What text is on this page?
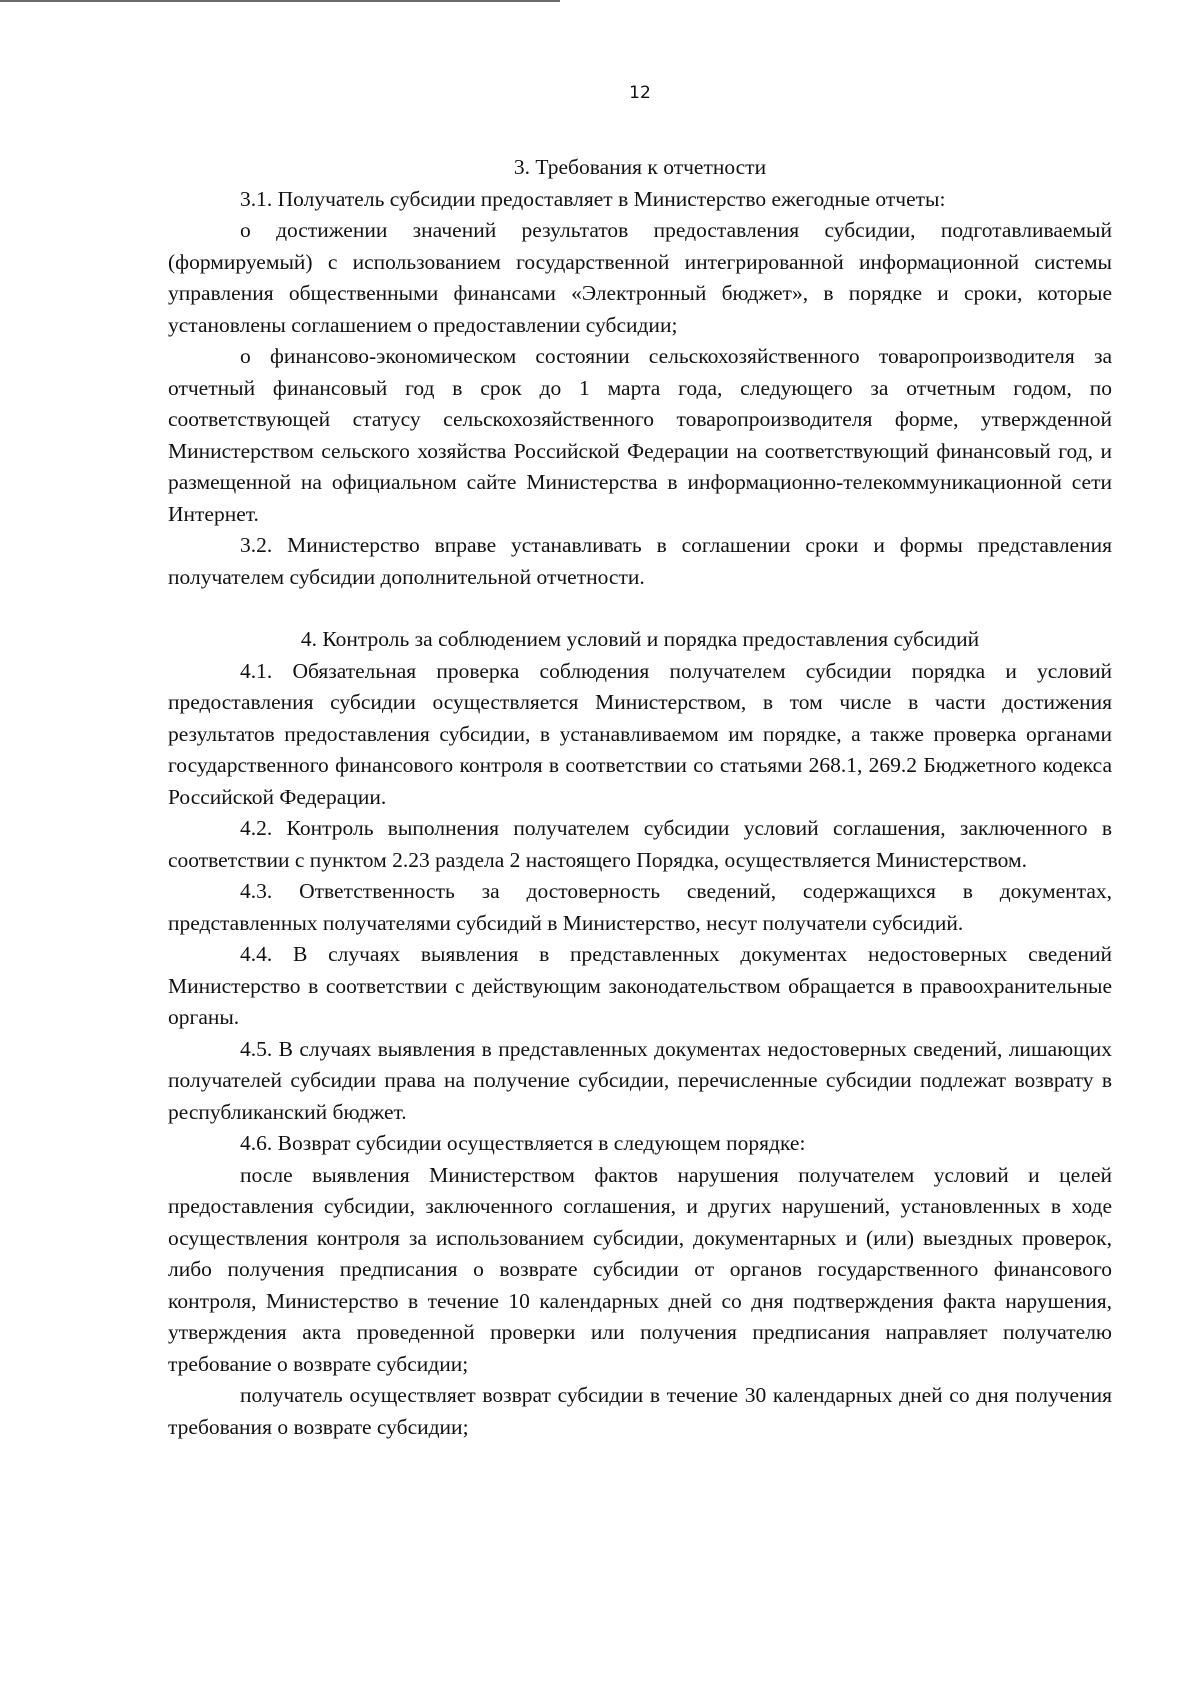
12
3. Требования к отчетности

3.1. Получатель субсидии предоставляет в Министерство ежегодные отчеты:

о достижении значений результатов предоставления субсидии, подготавливаемый (формируемый) с использованием государственной интегрированной информационной системы управления общественными финансами «Электронный бюджет», в порядке и сроки, которые установлены соглашением о предоставлении субсидии;

о финансово-экономическом состоянии сельскохозяйственного товаропроизводителя за отчетный финансовый год в срок до 1 марта года, следующего за отчетным годом, по соответствующей статусу сельскохозяйственного товаропроизводителя форме, утвержденной Министерством сельского хозяйства Российской Федерации на соответствующий финансовый год, и размещенной на официальном сайте Министерства в информационно-телекоммуникационной сети Интернет.

3.2. Министерство вправе устанавливать в соглашении сроки и формы представления получателем субсидии дополнительной отчетности.

4. Контроль за соблюдением условий и порядка предоставления субсидий

4.1. Обязательная проверка соблюдения получателем субсидии порядка и условий предоставления субсидии осуществляется Министерством, в том числе в части достижения результатов предоставления субсидии, в устанавливаемом им порядке, а также проверка органами государственного финансового контроля в соответствии со статьями 268.1, 269.2 Бюджетного кодекса Российской Федерации.

4.2. Контроль выполнения получателем субсидии условий соглашения, заключенного в соответствии с пунктом 2.23 раздела 2 настоящего Порядка, осуществляется Министерством.

4.3. Ответственность за достоверность сведений, содержащихся в документах, представленных получателями субсидий в Министерство, несут получатели субсидий.

4.4. В случаях выявления в представленных документах недостоверных сведений Министерство в соответствии с действующим законодательством обращается в правоохранительные органы.

4.5. В случаях выявления в представленных документах недостоверных сведений, лишающих получателей субсидии права на получение субсидии, перечисленные субсидии подлежат возврату в республиканский бюджет.

4.6. Возврат субсидии осуществляется в следующем порядке:

после выявления Министерством фактов нарушения получателем условий и целей предоставления субсидии, заключенного соглашения, и других нарушений, установленных в ходе осуществления контроля за использованием субсидии, документарных и (или) выездных проверок, либо получения предписания о возврате субсидии от органов государственного финансового контроля, Министерство в течение 10 календарных дней со дня подтверждения факта нарушения, утверждения акта проведенной проверки или получения предписания направляет получателю требование о возврате субсидии;

получатель осуществляет возврат субсидии в течение 30 календарных дней со дня получения требования о возврате субсидии;
